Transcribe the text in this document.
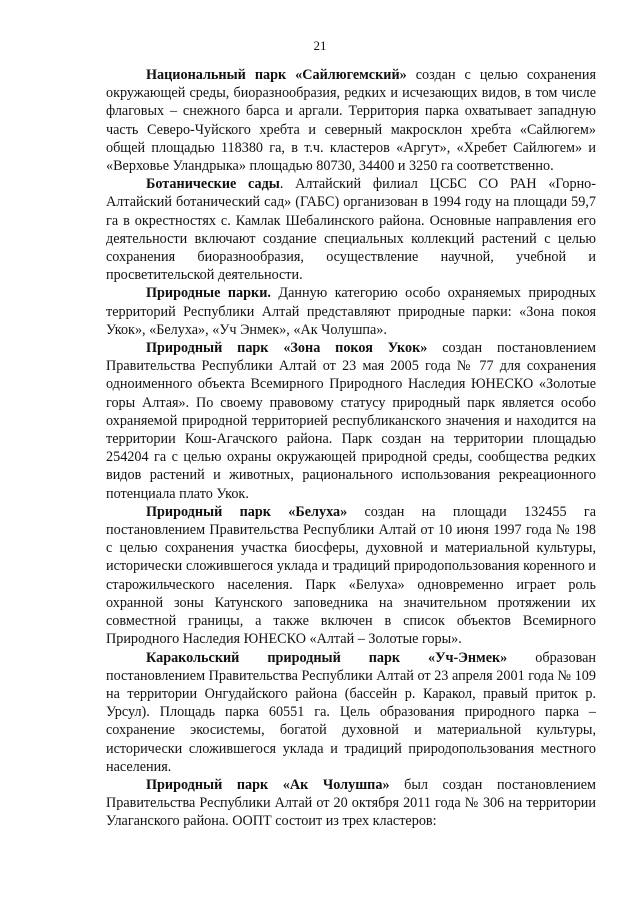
21

Национальный парк «Сайлюгемский» создан с целью сохранения окружающей среды, биоразнообразия, редких и исчезающих видов, в том числе флаговых – снежного барса и аргали. Территория парка охватывает западную часть Северо-Чуйского хребта и северный макросклон хребта «Сайлюгем» общей площадью 118380 га, в т.ч. кластеров «Аргут», «Хребет Сайлюгем» и «Верховье Уландрыка» площадью 80730, 34400 и 3250 га соответственно.

Ботанические сады. Алтайский филиал ЦСБС СО РАН «Горно-Алтайский ботанический сад» (ГАБС) организован в 1994 году на площади 59,7 га в окрестностях с. Камлак Шебалинского района. Основные направления его деятельности включают создание специальных коллекций растений с целью сохранения биоразнообразия, осуществление научной, учебной и просветительской деятельности.

Природные парки. Данную категорию особо охраняемых природных территорий Республики Алтай представляют природные парки: «Зона покоя Укок», «Белуха», «Уч Энмек», «Ак Чолушпа».

Природный парк «Зона покоя Укок» создан постановлением Правительства Республики Алтай от 23 мая 2005 года № 77 для сохранения одноименного объекта Всемирного Природного Наследия ЮНЕСКО «Золотые горы Алтая». По своему правовому статусу природный парк является особо охраняемой природной территорией республиканского значения и находится на территории Кош-Агачского района. Парк создан на территории площадью 254204 га с целью охраны окружающей природной среды, сообщества редких видов растений и животных, рационального использования рекреационного потенциала плато Укок.

Природный парк «Белуха» создан на площади 132455 га постановлением Правительства Республики Алтай от 10 июня 1997 года № 198 с целью сохранения участка биосферы, духовной и материальной культуры, исторически сложившегося уклада и традиций природопользования коренного и старожильческого населения. Парк «Белуха» одновременно играет роль охранной зоны Катунского заповедника на значительном протяжении их совместной границы, а также включен в список объектов Всемирного Природного Наследия ЮНЕСКО «Алтай – Золотые горы».

Каракольский природный парк «Уч-Энмек» образован постановлением Правительства Республики Алтай от 23 апреля 2001 года № 109 на территории Онгудайского района (бассейн р. Каракол, правый приток р. Урсул). Площадь парка 60551 га. Цель образования природного парка – сохранение экосистемы, богатой духовной и материальной культуры, исторически сложившегося уклада и традиций природопользования местного населения.

Природный парк «Ак Чолушпа» был создан постановлением Правительства Республики Алтай от 20 октября 2011 года № 306 на территории Улаганского района. ООПТ состоит из трех кластеров:
